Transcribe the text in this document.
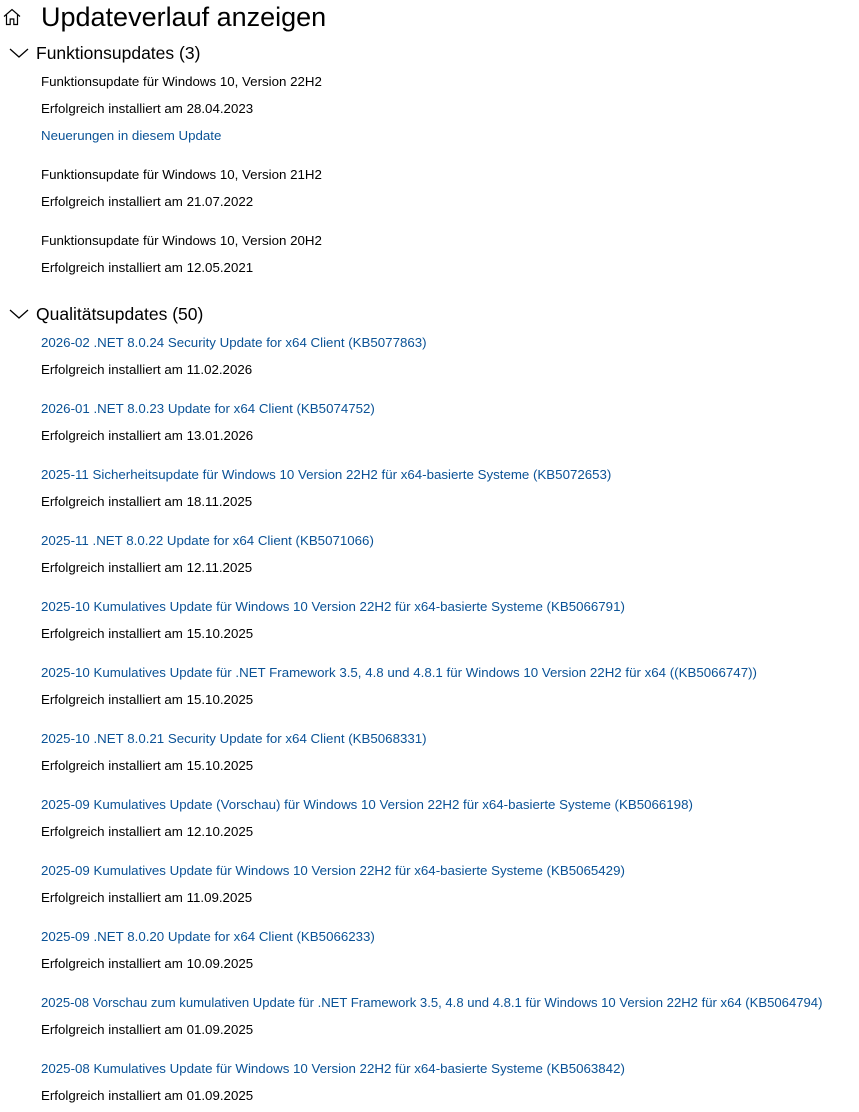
Updateverlauf anzeigen
Funktionsupdates (3)
Funktionsupdate für Windows 10, Version 22H2
Erfolgreich installiert am 28.04.2023
Neuerungen in diesem Update
Funktionsupdate für Windows 10, Version 21H2
Erfolgreich installiert am 21.07.2022
Funktionsupdate für Windows 10, Version 20H2
Erfolgreich installiert am 12.05.2021
Qualitätsupdates (50)
2026-02 .NET 8.0.24 Security Update for x64 Client (KB5077863)
Erfolgreich installiert am 11.02.2026
2026-01 .NET 8.0.23 Update for x64 Client (KB5074752)
Erfolgreich installiert am 13.01.2026
2025-11 Sicherheitsupdate für Windows 10 Version 22H2 für x64-basierte Systeme (KB5072653)
Erfolgreich installiert am 18.11.2025
2025-11 .NET 8.0.22 Update for x64 Client (KB5071066)
Erfolgreich installiert am 12.11.2025
2025-10 Kumulatives Update für Windows 10 Version 22H2 für x64-basierte Systeme (KB5066791)
Erfolgreich installiert am 15.10.2025
2025-10 Kumulatives Update für .NET Framework 3.5, 4.8 und 4.8.1 für Windows 10 Version 22H2 für x64 ((KB5066747))
Erfolgreich installiert am 15.10.2025
2025-10 .NET 8.0.21 Security Update for x64 Client (KB5068331)
Erfolgreich installiert am 15.10.2025
2025-09 Kumulatives Update (Vorschau) für Windows 10 Version 22H2 für x64-basierte Systeme (KB5066198)
Erfolgreich installiert am 12.10.2025
2025-09 Kumulatives Update für Windows 10 Version 22H2 für x64-basierte Systeme (KB5065429)
Erfolgreich installiert am 11.09.2025
2025-09 .NET 8.0.20 Update for x64 Client (KB5066233)
Erfolgreich installiert am 10.09.2025
2025-08 Vorschau zum kumulativen Update für .NET Framework 3.5, 4.8 und 4.8.1 für Windows 10 Version 22H2 für x64 (KB5064794)
Erfolgreich installiert am 01.09.2025
2025-08 Kumulatives Update für Windows 10 Version 22H2 für x64-basierte Systeme (KB5063842)
Erfolgreich installiert am 01.09.2025
